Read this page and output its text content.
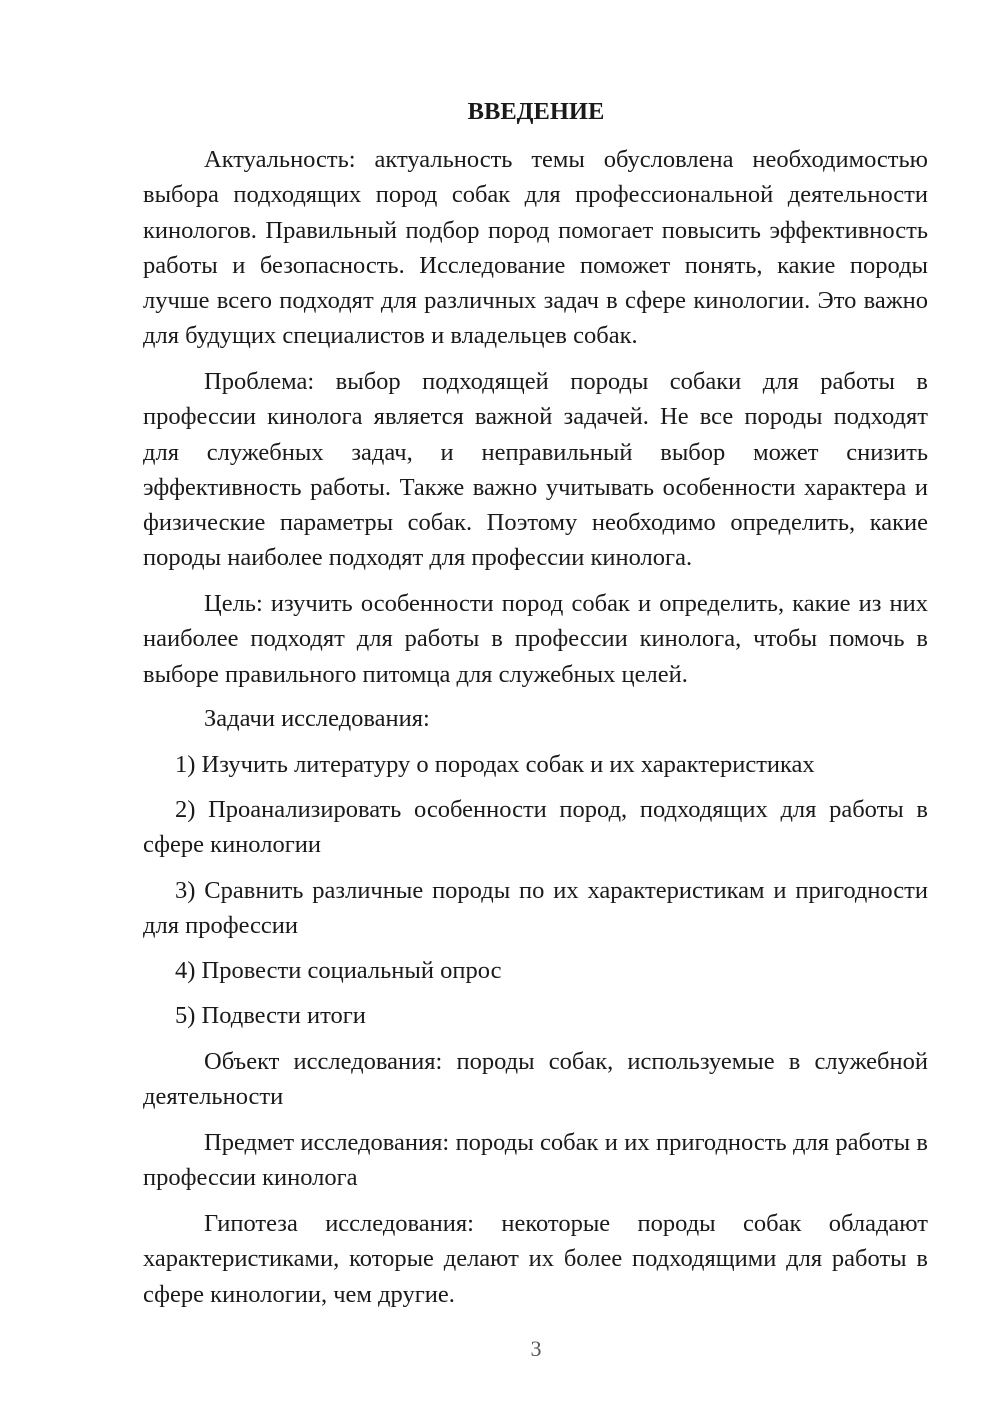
ВВЕДЕНИЕ

Актуальность: актуальность темы обусловлена необходимостью выбора подходящих пород собак для профессиональной деятельности кинологов. Правильный подбор пород помогает повысить эффективность работы и безопасность. Исследование поможет понять, какие породы лучше всего подходят для различных задач в сфере кинологии. Это важно для будущих специалистов и владельцев собак.

Проблема: выбор подходящей породы собаки для работы в профессии кинолога является важной задачей. Не все породы подходят для служебных задач, и неправильный выбор может снизить эффективность работы. Также важно учитывать особенности характера и физические параметры собак. Поэтому необходимо определить, какие породы наиболее подходят для профессии кинолога.

Цель: изучить особенности пород собак и определить, какие из них наиболее подходят для работы в профессии кинолога, чтобы помочь в выборе правильного питомца для служебных целей.

Задачи исследования:

1) Изучить литературу о породах собак и их характеристиках

2) Проанализировать особенности пород, подходящих для работы в сфере кинологии

3) Сравнить различные породы по их характеристикам и пригодности для профессии

4) Провести социальный опрос

5) Подвести итоги

Объект исследования: породы собак, используемые в служебной деятельности

Предмет исследования: породы собак и их пригодность для работы в профессии кинолога

Гипотеза исследования: некоторые породы собак обладают характеристиками, которые делают их более подходящими для работы в сфере кинологии, чем другие.

3
